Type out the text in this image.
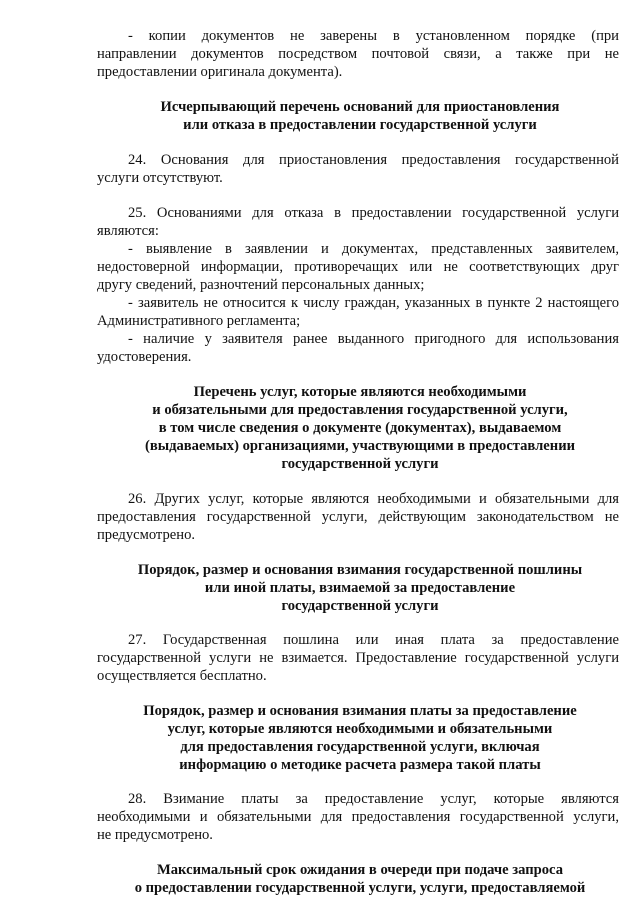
- копии документов не заверены в установленном порядке (при
направлении документов посредством почтовой связи, а также при не
предоставлении оригинала документа).
Исчерпывающий перечень оснований для приостановления
или отказа в предоставлении государственной услуги
24. Основания для приостановления предоставления государственной
услуги отсутствуют.
25. Основаниями для отказа в предоставлении государственной услуги
являются:
- выявление в заявлении и документах, представленных заявителем,
недостоверной информации, противоречащих или не соответствующих друг
другу сведений, разночтений персональных данных;
- заявитель не относится к числу граждан, указанных в пункте 2 настоящего
Административного регламента;
- наличие у заявителя ранее выданного пригодного для использования
удостоверения.
Перечень услуг, которые являются необходимыми
и обязательными для предоставления государственной услуги,
в том числе сведения о документе (документах), выдаваемом
(выдаваемых) организациями, участвующими в предоставлении
государственной услуги
26. Других услуг, которые являются необходимыми и обязательными для
предоставления государственной услуги, действующим законодательством не
предусмотрено.
Порядок, размер и основания взимания государственной пошлины
или иной платы, взимаемой за предоставление
государственной услуги
27. Государственная пошлина или иная плата за предоставление
государственной услуги не взимается. Предоставление государственной услуги
осуществляется бесплатно.
Порядок, размер и основания взимания платы за предоставление
услуг, которые являются необходимыми и обязательными
для предоставления государственной услуги, включая
информацию о методике расчета размера такой платы
28. Взимание платы за предоставление услуг, которые являются
необходимыми и обязательными для предоставления государственной услуги,
не предусмотрено.
Максимальный срок ожидания в очереди при подаче запроса
о предоставлении государственной услуги, услуги, предоставляемой
